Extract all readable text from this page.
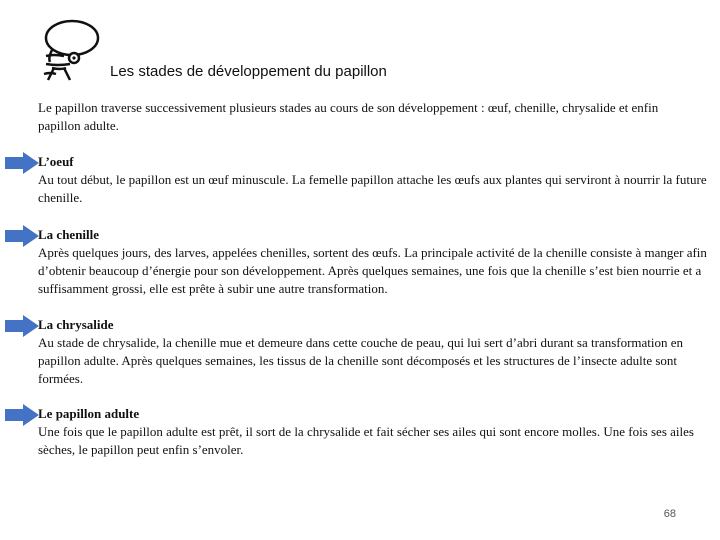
Les stades de développement du papillon
Le papillon traverse successivement plusieurs stades au cours de son développement : œuf, chenille, chrysalide et enfin papillon adulte.
L’oeuf
Au tout début, le papillon est un œuf minuscule. La femelle papillon attache les œufs aux plantes qui serviront à nourrir la future chenille.
La chenille
Après quelques jours, des larves, appelées chenilles, sortent des œufs. La principale activité de la chenille consiste à manger afin d’obtenir beaucoup d’énergie pour son développement. Après quelques semaines, une fois que la chenille s’est bien nourrie et a suffisamment grossi, elle est prête à subir une autre transformation.
La chrysalide
Au stade de chrysalide, la chenille mue et demeure dans cette couche de peau, qui lui sert d’abri durant sa transformation en papillon adulte. Après quelques semaines, les tissus de la chenille sont décomposés et les structures de l’insecte adulte sont formées.
Le papillon adulte
Une fois que le papillon adulte est prêt, il sort de la chrysalide et fait sécher ses ailes qui sont encore molles. Une fois ses ailes sèches, le papillon peut enfin s’envoler.
68
